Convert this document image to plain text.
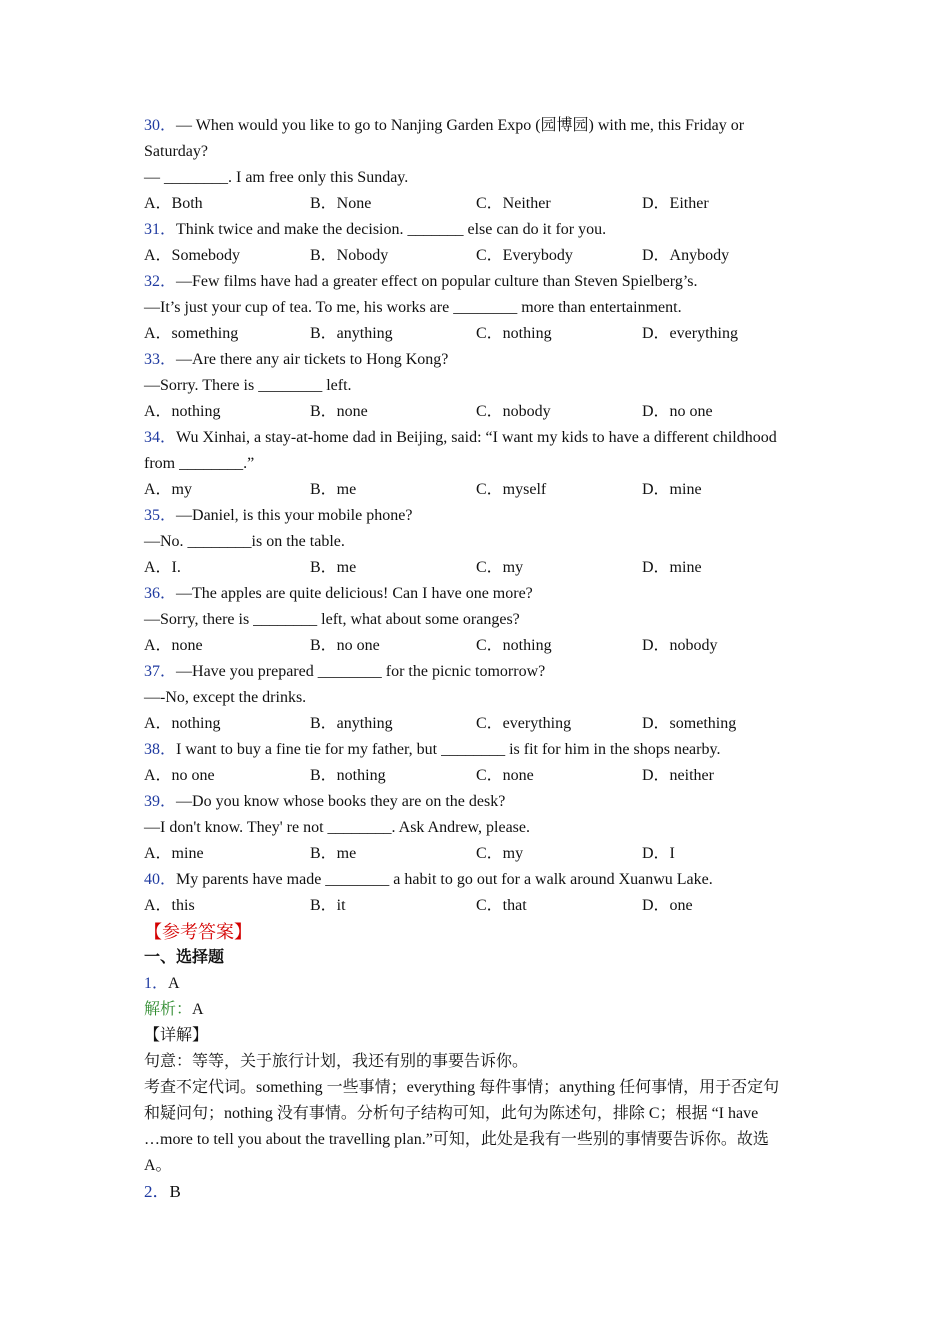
30．— When would you like to go to Nanjing Garden Expo (园博园) with me, this Friday or
Saturday?
— ________. I am free only this Sunday.
A．Both	B．None	C．Neither	D．Either
31．Think twice and make the decision. _______ else can do it for you.
A．Somebody	B．Nobody	C．Everybody	D．Anybody
32．—Few films have had a greater effect on popular culture than Steven Spielberg’s.
—It’s just your cup of tea. To me, his works are ________ more than entertainment.
A．something	B．anything	C．nothing	D．everything
33．—Are there any air tickets to Hong Kong?
—Sorry. There is ________ left.
A．nothing	B．none	C．nobody	D．no one
34．Wu Xinhai, a stay-at-home dad in Beijing, said: “I want my kids to have a different childhood
from ________.”
A．my	B．me	C．myself	D．mine
35．—Daniel, is this your mobile phone?
—No. ________is on the table.
A．I.	B．me	C．my	D．mine
36．—The apples are quite delicious! Can I have one more?
—Sorry, there is ________ left, what about some oranges?
A．none	B．no one	C．nothing	D．nobody
37．—Have you prepared ________ for the picnic tomorrow?
—-No, except the drinks.
A．nothing	B．anything	C．everything	D．something
38．I want to buy a fine tie for my father, but ________ is fit for him in the shops nearby.
A．no one	B．nothing	C．none	D．neither
39．—Do you know whose books they are on the desk?
—I don't know. They' re not ________. Ask Andrew, please.
A．mine	B．me	C．my	D．I
40．My parents have made ________ a habit to go out for a walk around Xuanwu Lake.
A．this	B．it	C．that	D．one
【参考答案】
一、选择题
1．A
解析：A
【详解】
句意：等等，关于旅行计划，我还有别的事要告诉你。
考查不定代词。something 一些事情；everything 每件事情；anything 任何事情，用于否定句
和疑问句；nothing 没有事情。分析句子结构可知，此句为陈述句，排除 C；根据 “I have
…more to tell you about the travelling plan.”可知，此处是我有一些别的事情要告诉你。故选
A。
2．B
